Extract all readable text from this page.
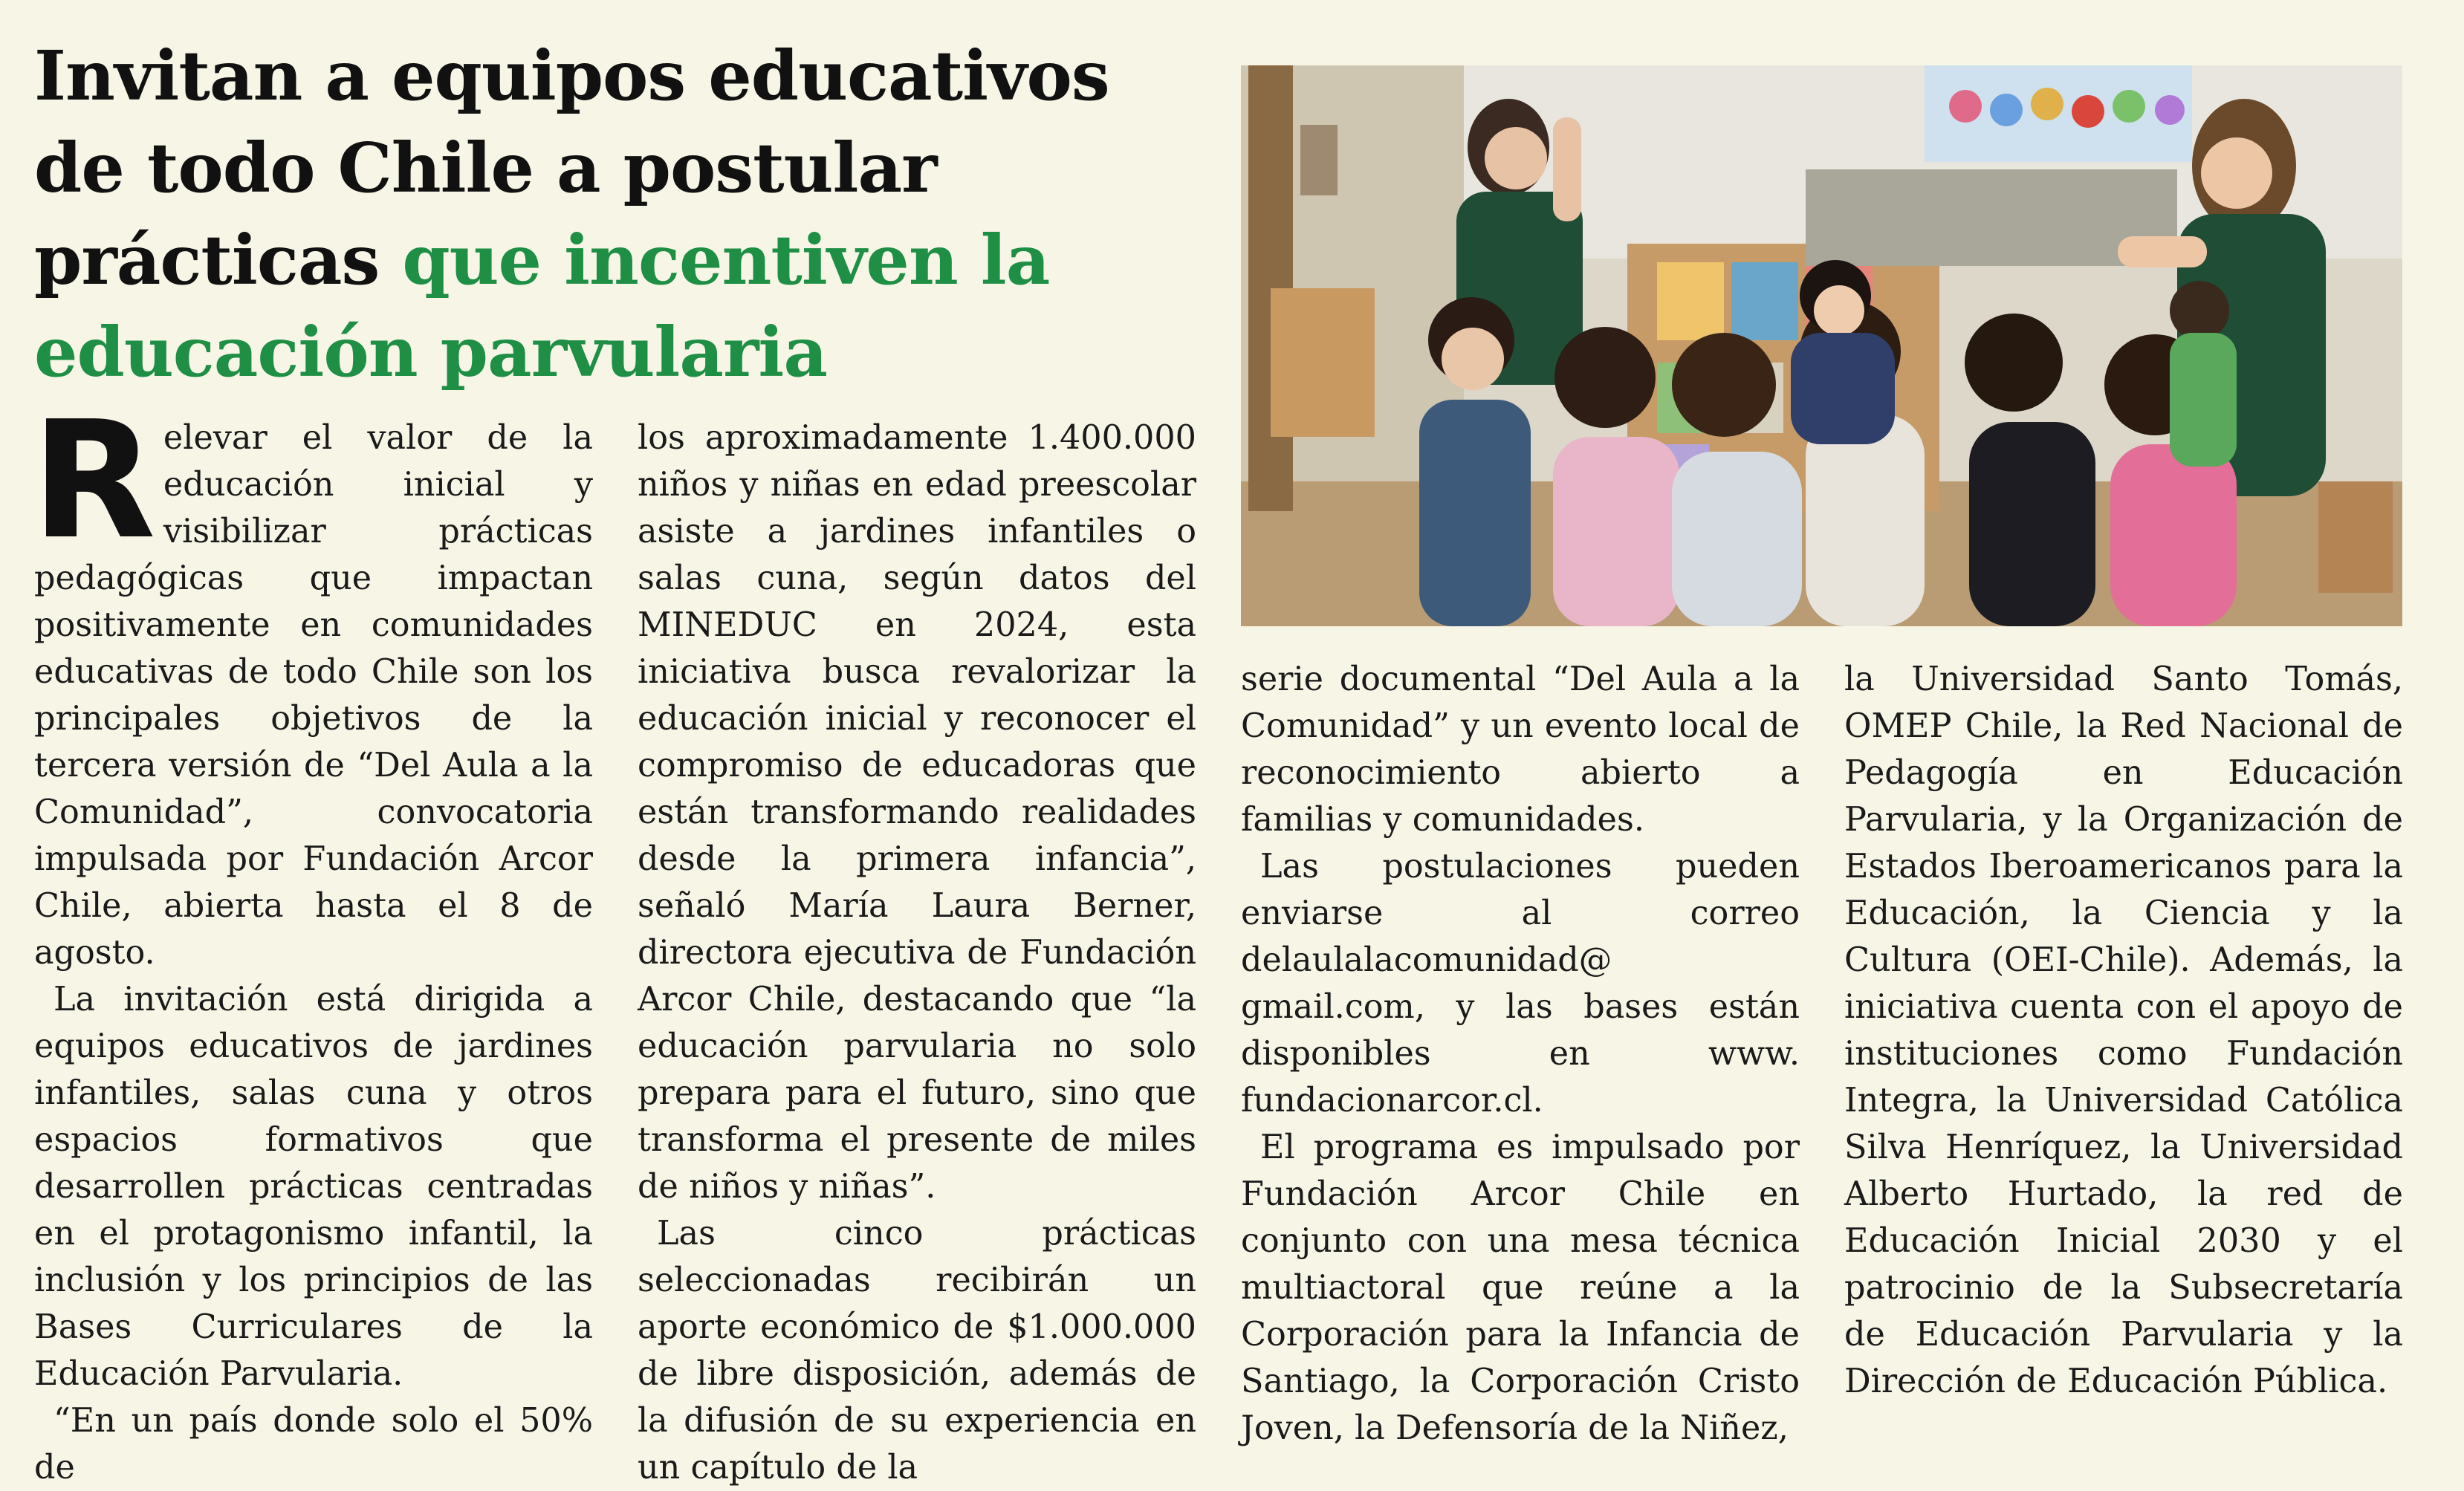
Invitan a equipos educativos de todo Chile a postular prácticas que incentiven la educación parvularia

Relevar el valor de la educación inicial y visibilizar prácticas pedagógicas que impactan positivamente en comunidades educativas de todo Chile son los principales objetivos de la tercera versión de “Del Aula a la Comunidad”, convocatoria impulsada por Fundación Arcor Chile, abierta hasta el 8 de agosto.

La invitación está dirigida a equipos educativos de jardines infantiles, salas cuna y otros espacios formativos que desarrollen prácticas centradas en el protagonismo infantil, la inclusión y los principios de las Bases Curriculares de la Educación Parvularia.

“En un país donde solo el 50% de

los aproximadamente 1.400.000 niños y niñas en edad preescolar asiste a jardines infantiles o salas cuna, según datos del MINEDUC en 2024, esta iniciativa busca revalorizar la educación inicial y reconocer el compromiso de educadoras que están transformando realidades desde la primera infancia”, señaló María Laura Berner, directora ejecutiva de Fundación Arcor Chile, destacando que “la educación parvularia no solo prepara para el futuro, sino que transforma el presente de miles de niños y niñas”.

Las cinco prácticas seleccionadas recibirán un aporte económico de $1.000.000 de libre disposición, además de la difusión de su experiencia en un capítulo de la

serie documental “Del Aula a la Comunidad” y un evento local de reconocimiento abierto a familias y comunidades.

Las postulaciones pueden enviarse al correo delaulalacomunidad@ gmail.com, y las bases están disponibles en www. fundacionarcor.cl.

El programa es impulsado por Fundación Arcor Chile en conjunto con una mesa técnica multiactoral que reúne a la Corporación para la Infancia de Santiago, la Corporación Cristo Joven, la Defensoría de la Niñez,

la Universidad Santo Tomás, OMEP Chile, la Red Nacional de Pedagogía en Educación Parvularia, y la Organización de Estados Iberoamericanos para la Educación, la Ciencia y la Cultura (OEI-Chile). Además, la iniciativa cuenta con el apoyo de instituciones como Fundación Integra, la Universidad Católica Silva Henríquez, la Universidad Alberto Hurtado, la red de Educación Inicial 2030 y el patrocinio de la Subsecretaría de Educación Parvularia y la Dirección de Educación Pública.
